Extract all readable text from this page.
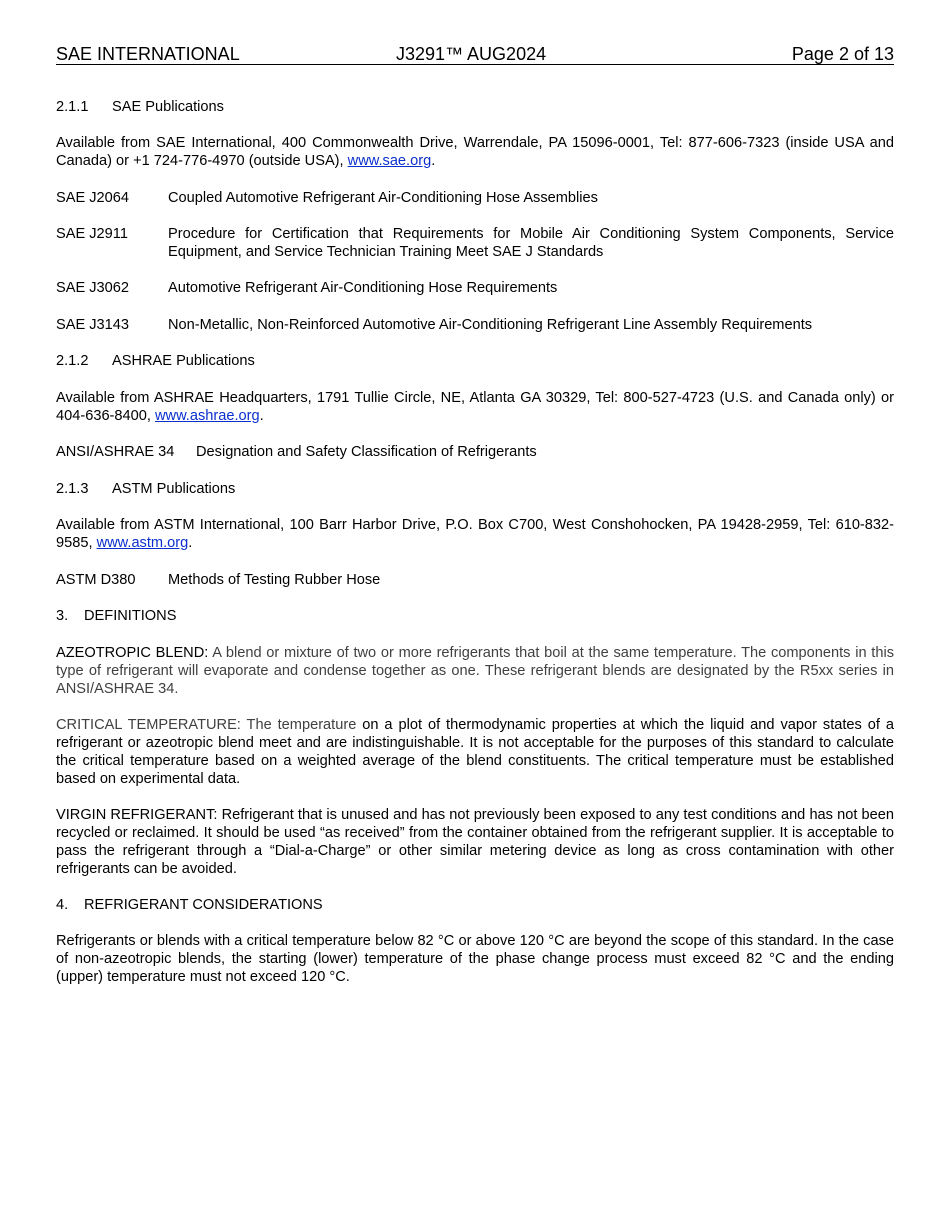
SAE INTERNATIONAL	J3291™ AUG2024	Page 2 of 13
2.1.1 SAE Publications
Available from SAE International, 400 Commonwealth Drive, Warrendale, PA 15096-0001, Tel: 877-606-7323 (inside USA and Canada) or +1 724-776-4970 (outside USA), www.sae.org.
SAE J2064	Coupled Automotive Refrigerant Air-Conditioning Hose Assemblies
SAE J2911	Procedure for Certification that Requirements for Mobile Air Conditioning System Components, Service Equipment, and Service Technician Training Meet SAE J Standards
SAE J3062	Automotive Refrigerant Air-Conditioning Hose Requirements
SAE J3143	Non-Metallic, Non-Reinforced Automotive Air-Conditioning Refrigerant Line Assembly Requirements
2.1.2 ASHRAE Publications
Available from ASHRAE Headquarters, 1791 Tullie Circle, NE, Atlanta GA 30329, Tel: 800-527-4723 (U.S. and Canada only) or 404-636-8400, www.ashrae.org.
ANSI/ASHRAE 34 Designation and Safety Classification of Refrigerants
2.1.3 ASTM Publications
Available from ASTM International, 100 Barr Harbor Drive, P.O. Box C700, West Conshohocken, PA 19428-2959, Tel: 610-832-9585, www.astm.org.
ASTM D380 Methods of Testing Rubber Hose
3. DEFINITIONS
AZEOTROPIC BLEND: A blend or mixture of two or more refrigerants that boil at the same temperature. The components in this type of refrigerant will evaporate and condense together as one. These refrigerant blends are designated by the R5xx series in ANSI/ASHRAE 34.
CRITICAL TEMPERATURE: The temperature on a plot of thermodynamic properties at which the liquid and vapor states of a refrigerant or azeotropic blend meet and are indistinguishable. It is not acceptable for the purposes of this standard to calculate the critical temperature based on a weighted average of the blend constituents. The critical temperature must be established based on experimental data.
VIRGIN REFRIGERANT: Refrigerant that is unused and has not previously been exposed to any test conditions and has not been recycled or reclaimed. It should be used “as received” from the container obtained from the refrigerant supplier. It is acceptable to pass the refrigerant through a “Dial-a-Charge” or other similar metering device as long as cross contamination with other refrigerants can be avoided.
4. REFRIGERANT CONSIDERATIONS
Refrigerants or blends with a critical temperature below 82 °C or above 120 °C are beyond the scope of this standard. In the case of non-azeotropic blends, the starting (lower) temperature of the phase change process must exceed 82 °C and the ending (upper) temperature must not exceed 120 °C.
